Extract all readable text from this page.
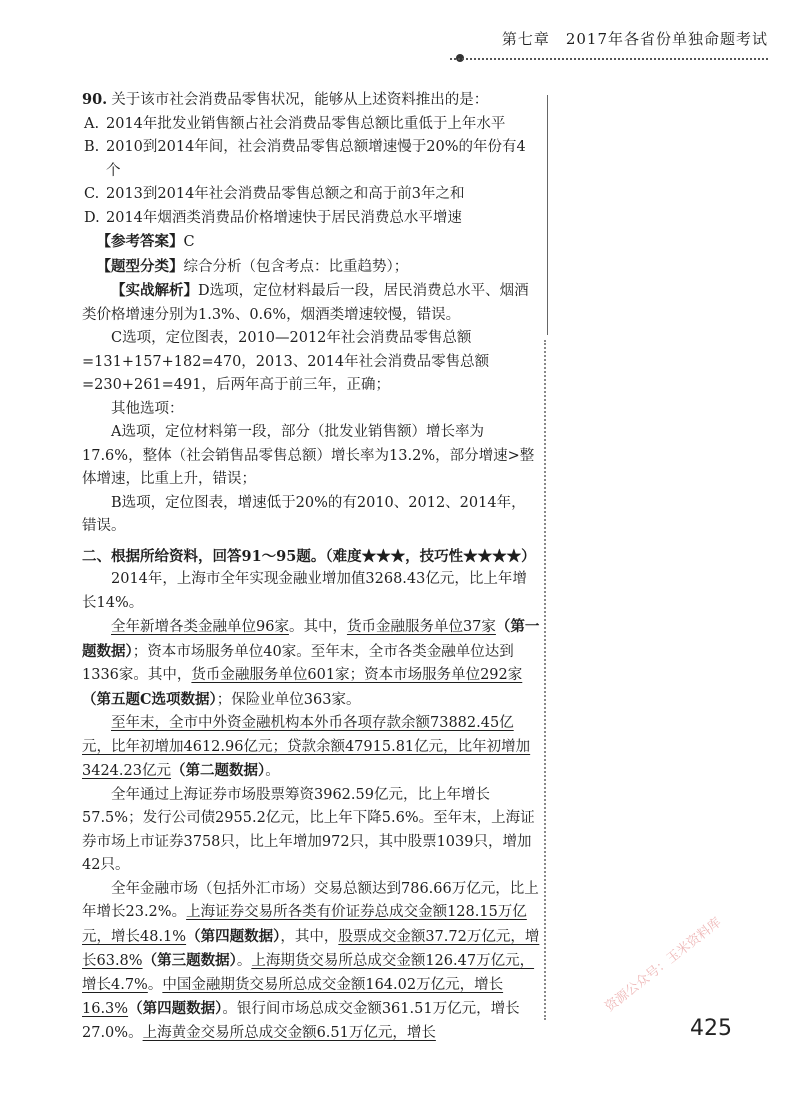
第七章　2017年各省份单独命题考试

90. 关于该市社会消费品零售状况，能够从上述资料推出的是：

A. 2014年批发业销售额占社会消费品零售总额比重低于上年水平

B. 2010到2014年间，社会消费品零售总额增速慢于20%的年份有4个

C. 2013到2014年社会消费品零售总额之和高于前3年之和

D. 2014年烟酒类消费品价格增速快于居民消费总水平增速

【参考答案】C

【题型分类】综合分析（包含考点：比重趋势）；

【实战解析】D选项，定位材料最后一段，居民消费总水平、烟酒类价格增速分别为1.3%、0.6%，烟酒类增速较慢，错误。

C选项，定位图表，2010—2012年社会消费品零售总额=131+157+182=470，2013、2014年社会消费品零售总额=230+261=491，后两年高于前三年，正确；

其他选项：

A选项，定位材料第一段，部分（批发业销售额）增长率为17.6%，整体（社会销售品零售总额）增长率为13.2%，部分增速>整体增速，比重上升，错误；

B选项，定位图表，增速低于20%的有2010、2012、2014年，错误。

二、根据所给资料，回答91～95题。（难度★★★，技巧性★★★★）

2014年，上海市全年实现金融业增加值3268.43亿元，比上年增长14%。

全年新增各类金融单位96家。其中，货币金融服务单位37家（第一题数据）；资本市场服务单位40家。至年末，全市各类金融单位达到1336家。其中，货币金融服务单位601家；资本市场服务单位292家（第五题C选项数据）；保险业单位363家。

至年末，全市中外资金融机构本外币各项存款余额73882.45亿元，比年初增加4612.96亿元；贷款余额47915.81亿元，比年初增加3424.23亿元（第二题数据）。

全年通过上海证券市场股票筹资3962.59亿元，比上年增长57.5%；发行公司债2955.2亿元，比上年下降5.6%。至年末，上海证券市场上市证券3758只，比上年增加972只，其中股票1039只，增加42只。

全年金融市场（包括外汇市场）交易总额达到786.66万亿元，比上年增长23.2%。上海证券交易所各类有价证券总成交金额128.15万亿元，增长48.1%（第四题数据），其中，股票成交金额37.72万亿元，增长63.8%（第三题数据）。上海期货交易所总成交金额126.47万亿元，增长4.7%。中国金融期货交易所总成交金额164.02万亿元，增长16.3%（第四题数据）。银行间市场总成交金额361.51万亿元，增长27.0%。上海黄金交易所总成交金额6.51万亿元，增长	425
资源公众号：玉米资料库
